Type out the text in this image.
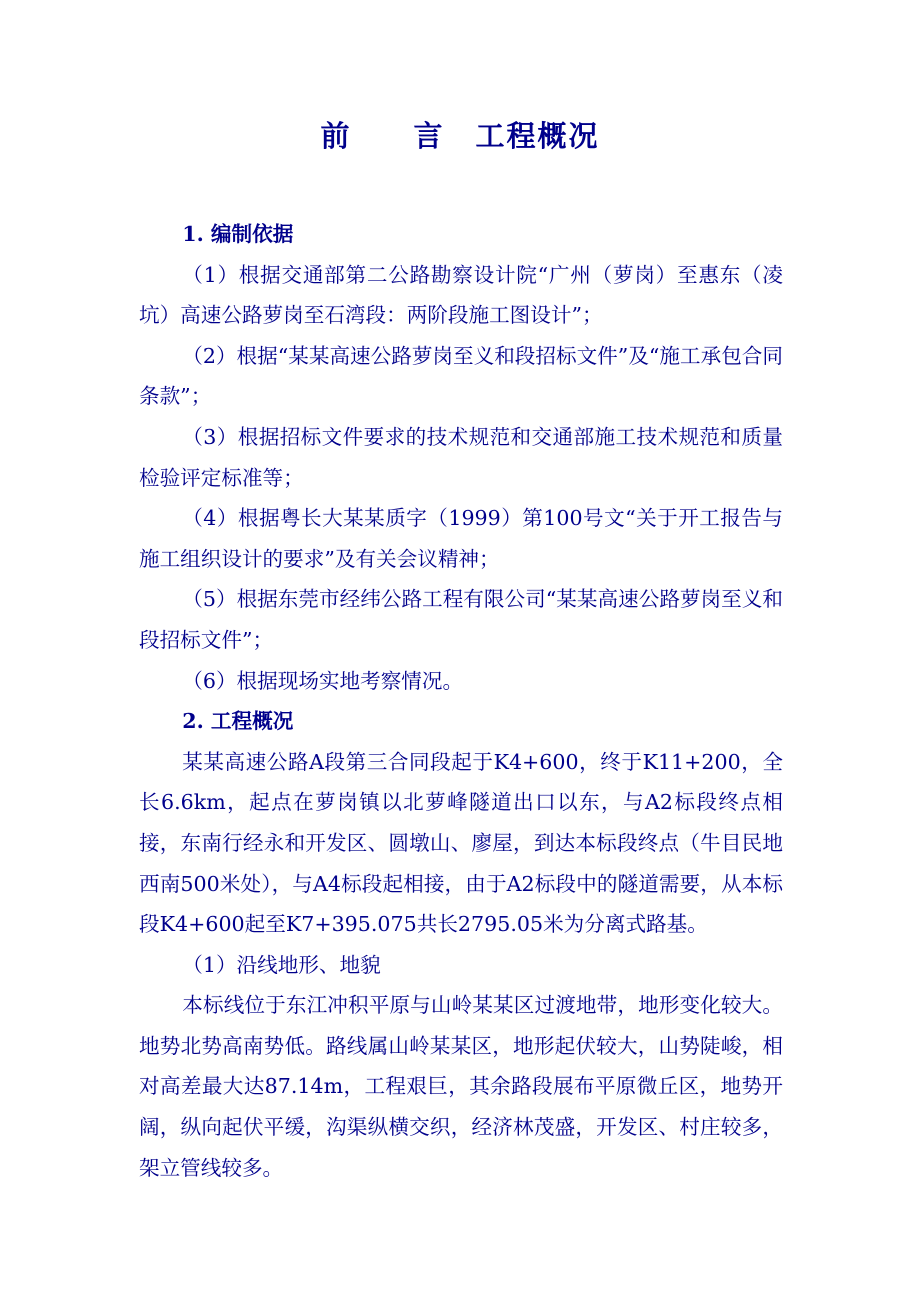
前　　言　工程概况

1. 编制依据

（1）根据交通部第二公路勘察设计院“广州（萝岗）至惠东（凌坑）高速公路萝岗至石湾段：两阶段施工图设计”；

（2）根据“某某高速公路萝岗至义和段招标文件”及“施工承包合同条款”；

（3）根据招标文件要求的技术规范和交通部施工技术规范和质量检验评定标准等；

（4）根据粤长大某某质字（1999）第100号文“关于开工报告与施工组织设计的要求”及有关会议精神；

（5）根据东莞市经纬公路工程有限公司“某某高速公路萝岗至义和段招标文件”；

（6）根据现场实地考察情况。

2. 工程概况

某某高速公路A段第三合同段起于K4+600，终于K11+200，全长6.6km，起点在萝岗镇以北萝峰隧道出口以东，与A2标段终点相接，东南行经永和开发区、圆墩山、廖屋，到达本标段终点（牛目民地西南500米处），与A4标段起相接，由于A2标段中的隧道需要，从本标段K4+600起至K7+395.075共长2795.05米为分离式路基。

（1）沿线地形、地貌

本标线位于东江冲积平原与山岭某某区过渡地带，地形变化较大。地势北势高南势低。路线属山岭某某区，地形起伏较大，山势陡峻，相对高差最大达87.14m，工程艰巨，其余路段展布平原微丘区，地势开阔，纵向起伏平缓，沟渠纵横交织，经济林茂盛，开发区、村庄较多，架立管线较多。
